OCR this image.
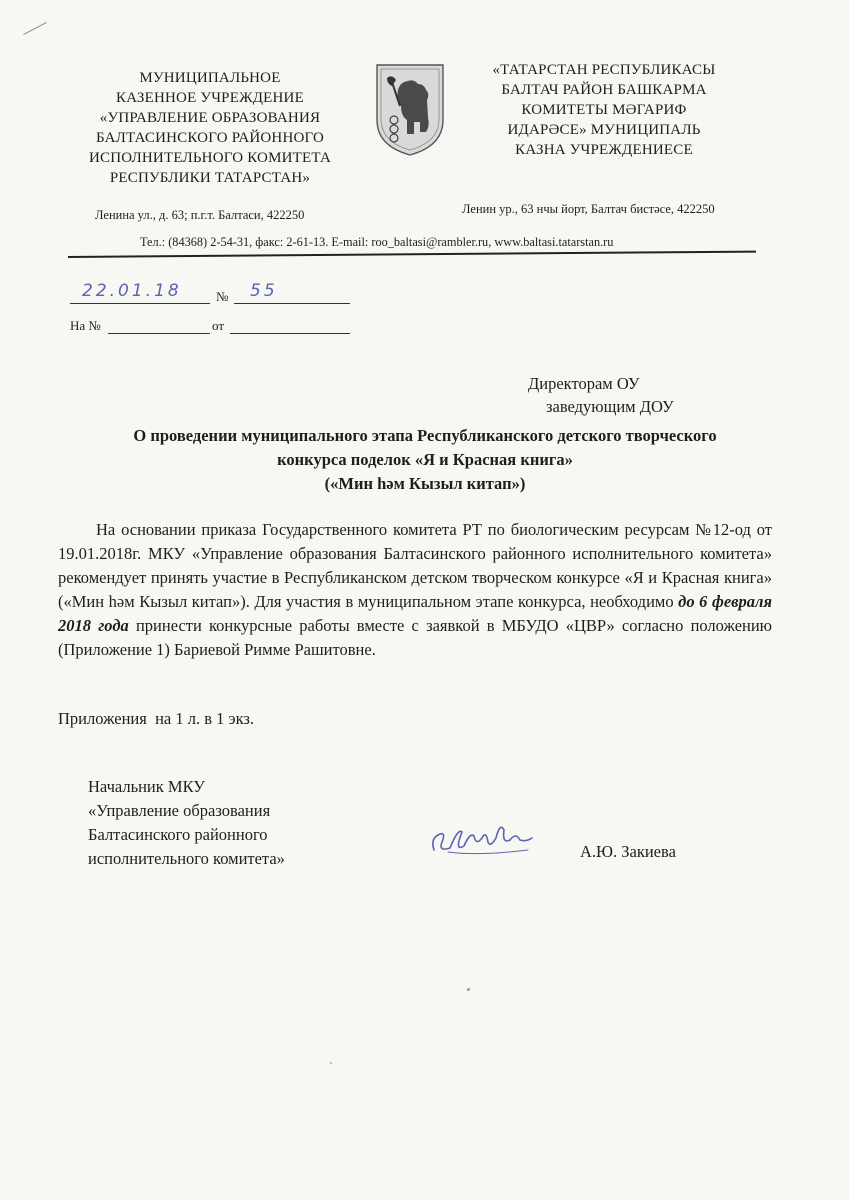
МУНИЦИПАЛЬНОЕ
КАЗЕННОЕ УЧРЕЖДЕНИЕ
«УПРАВЛЕНИЕ ОБРАЗОВАНИЯ
БАЛТАСИНСКОГО РАЙОННОГО
ИСПОЛНИТЕЛЬНОГО КОМИТЕТА
РЕСПУБЛИКИ ТАТАРСТАН»
Ленина ул., д. 63; п.г.т. Балтаси, 422250
«ТАТАРСТАН РЕСПУБЛИКАСЫ
БАЛТАЧ РАЙОН БАШКАРМА
КОМИТЕТЫ МӘГАРИФ
ИДАРӘСЕ» МУНИЦИПАЛЬ
КАЗНА УЧРЕЖДЕНИЕСЕ
Ленин ур., 63 нчы йорт, Балтач бистәсе, 422250
Тел.: (84368) 2-54-31, факс: 2-61-13. E-mail: roo_baltasi@rambler.ru, www.baltasi.tatarstan.ru
22.01.18	№ 55
На №	от
Директорам ОУ
заведующим ДОУ
О проведении муниципального этапа Республиканского детского творческого
конкурса поделок «Я и Красная книга»
(«Мин һәм Кызыл китап»)
На основании приказа Государственного комитета РТ по биологическим ресурсам №12-од от 19.01.2018г. МКУ «Управление образования Балтасинского районного исполнительного комитета» рекомендует принять участие в Республиканском детском творческом конкурсе «Я и Красная книга» («Мин һәм Кызыл китап»). Для участия в муниципальном этапе конкурса, необходимо до 6 февраля 2018 года принести конкурсные работы вместе с заявкой в МБУДО «ЦВР» согласно положению (Приложение 1) Бариевой Римме Рашитовне.
Приложения  на 1 л. в 1 экз.
Начальник МКУ
«Управление образования
Балтасинского районного
исполнительного комитета»	А.Ю. Закиева
